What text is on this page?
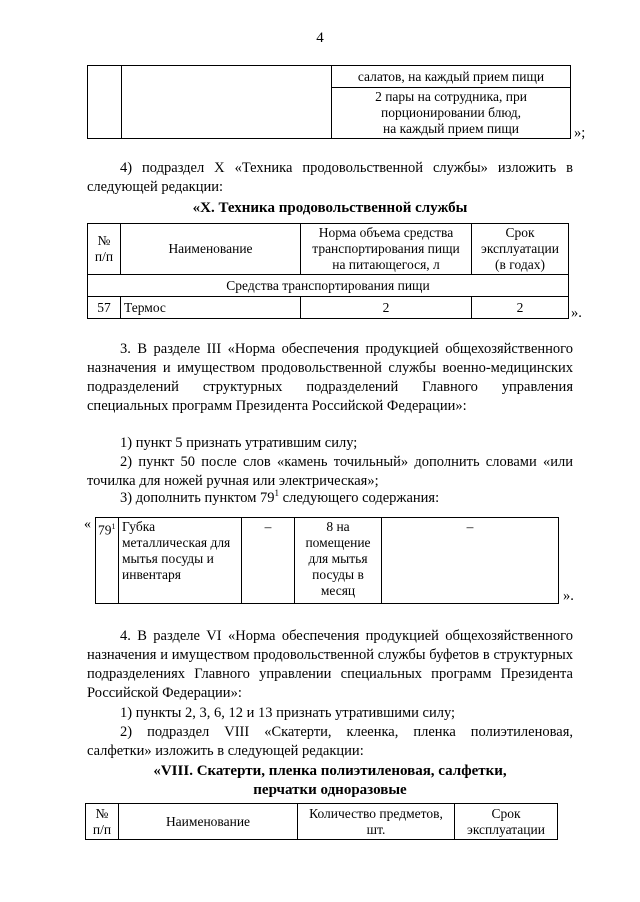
4
		салатов, на каждый прием пищи

2 пары на сотрудника, при
порционировании блюд,
на каждый прием пищи	»;
4) подраздел X «Техника продовольственной службы» изложить в следующей редакции:
«X. Техника продовольственной службы
№ п/п	Наименование	Норма объема средства транспортирования пищи на питающегося, л	Срок эксплуатации (в годах)
Средства транспортирования пищи			
57	Термос	2	2	».
3. В разделе III «Норма обеспечения продукцией общехозяйственного назначения и имуществом продовольственной службы военно-медицинских подразделений структурных подразделений Главного управления специальных программ Президента Российской Федерации»:
1) пункт 5 признать утратившим силу;
2) пункт 50 после слов «камень точильный» дополнить словами «или точилка для ножей ручная или электрическая»;
3) дополнить пунктом $79^1$ следующего содержания:
« $79^1$	Губка металлическая для мытья посуды и инвентаря	–	8 на помещение для мытья посуды в месяц	–
».
4. В разделе VI «Норма обеспечения продукцией общехозяйственного назначения и имуществом продовольственной службы буфетов в структурных подразделениях Главного управлении специальных программ Президента Российской Федерации»:
1) пункты 2, 3, 6, 12 и 13 признать утратившими силу;
2) подраздел VIII «Скатерти, клеенка, пленка полиэтиленовая, салфетки» изложить в следующей редакции:
«VIII. Скатерти, пленка полиэтиленовая, салфетки,
перчатки одноразовые
№ п/п	Наименование	Количество предметов, шт.	Срок эксплуатации
